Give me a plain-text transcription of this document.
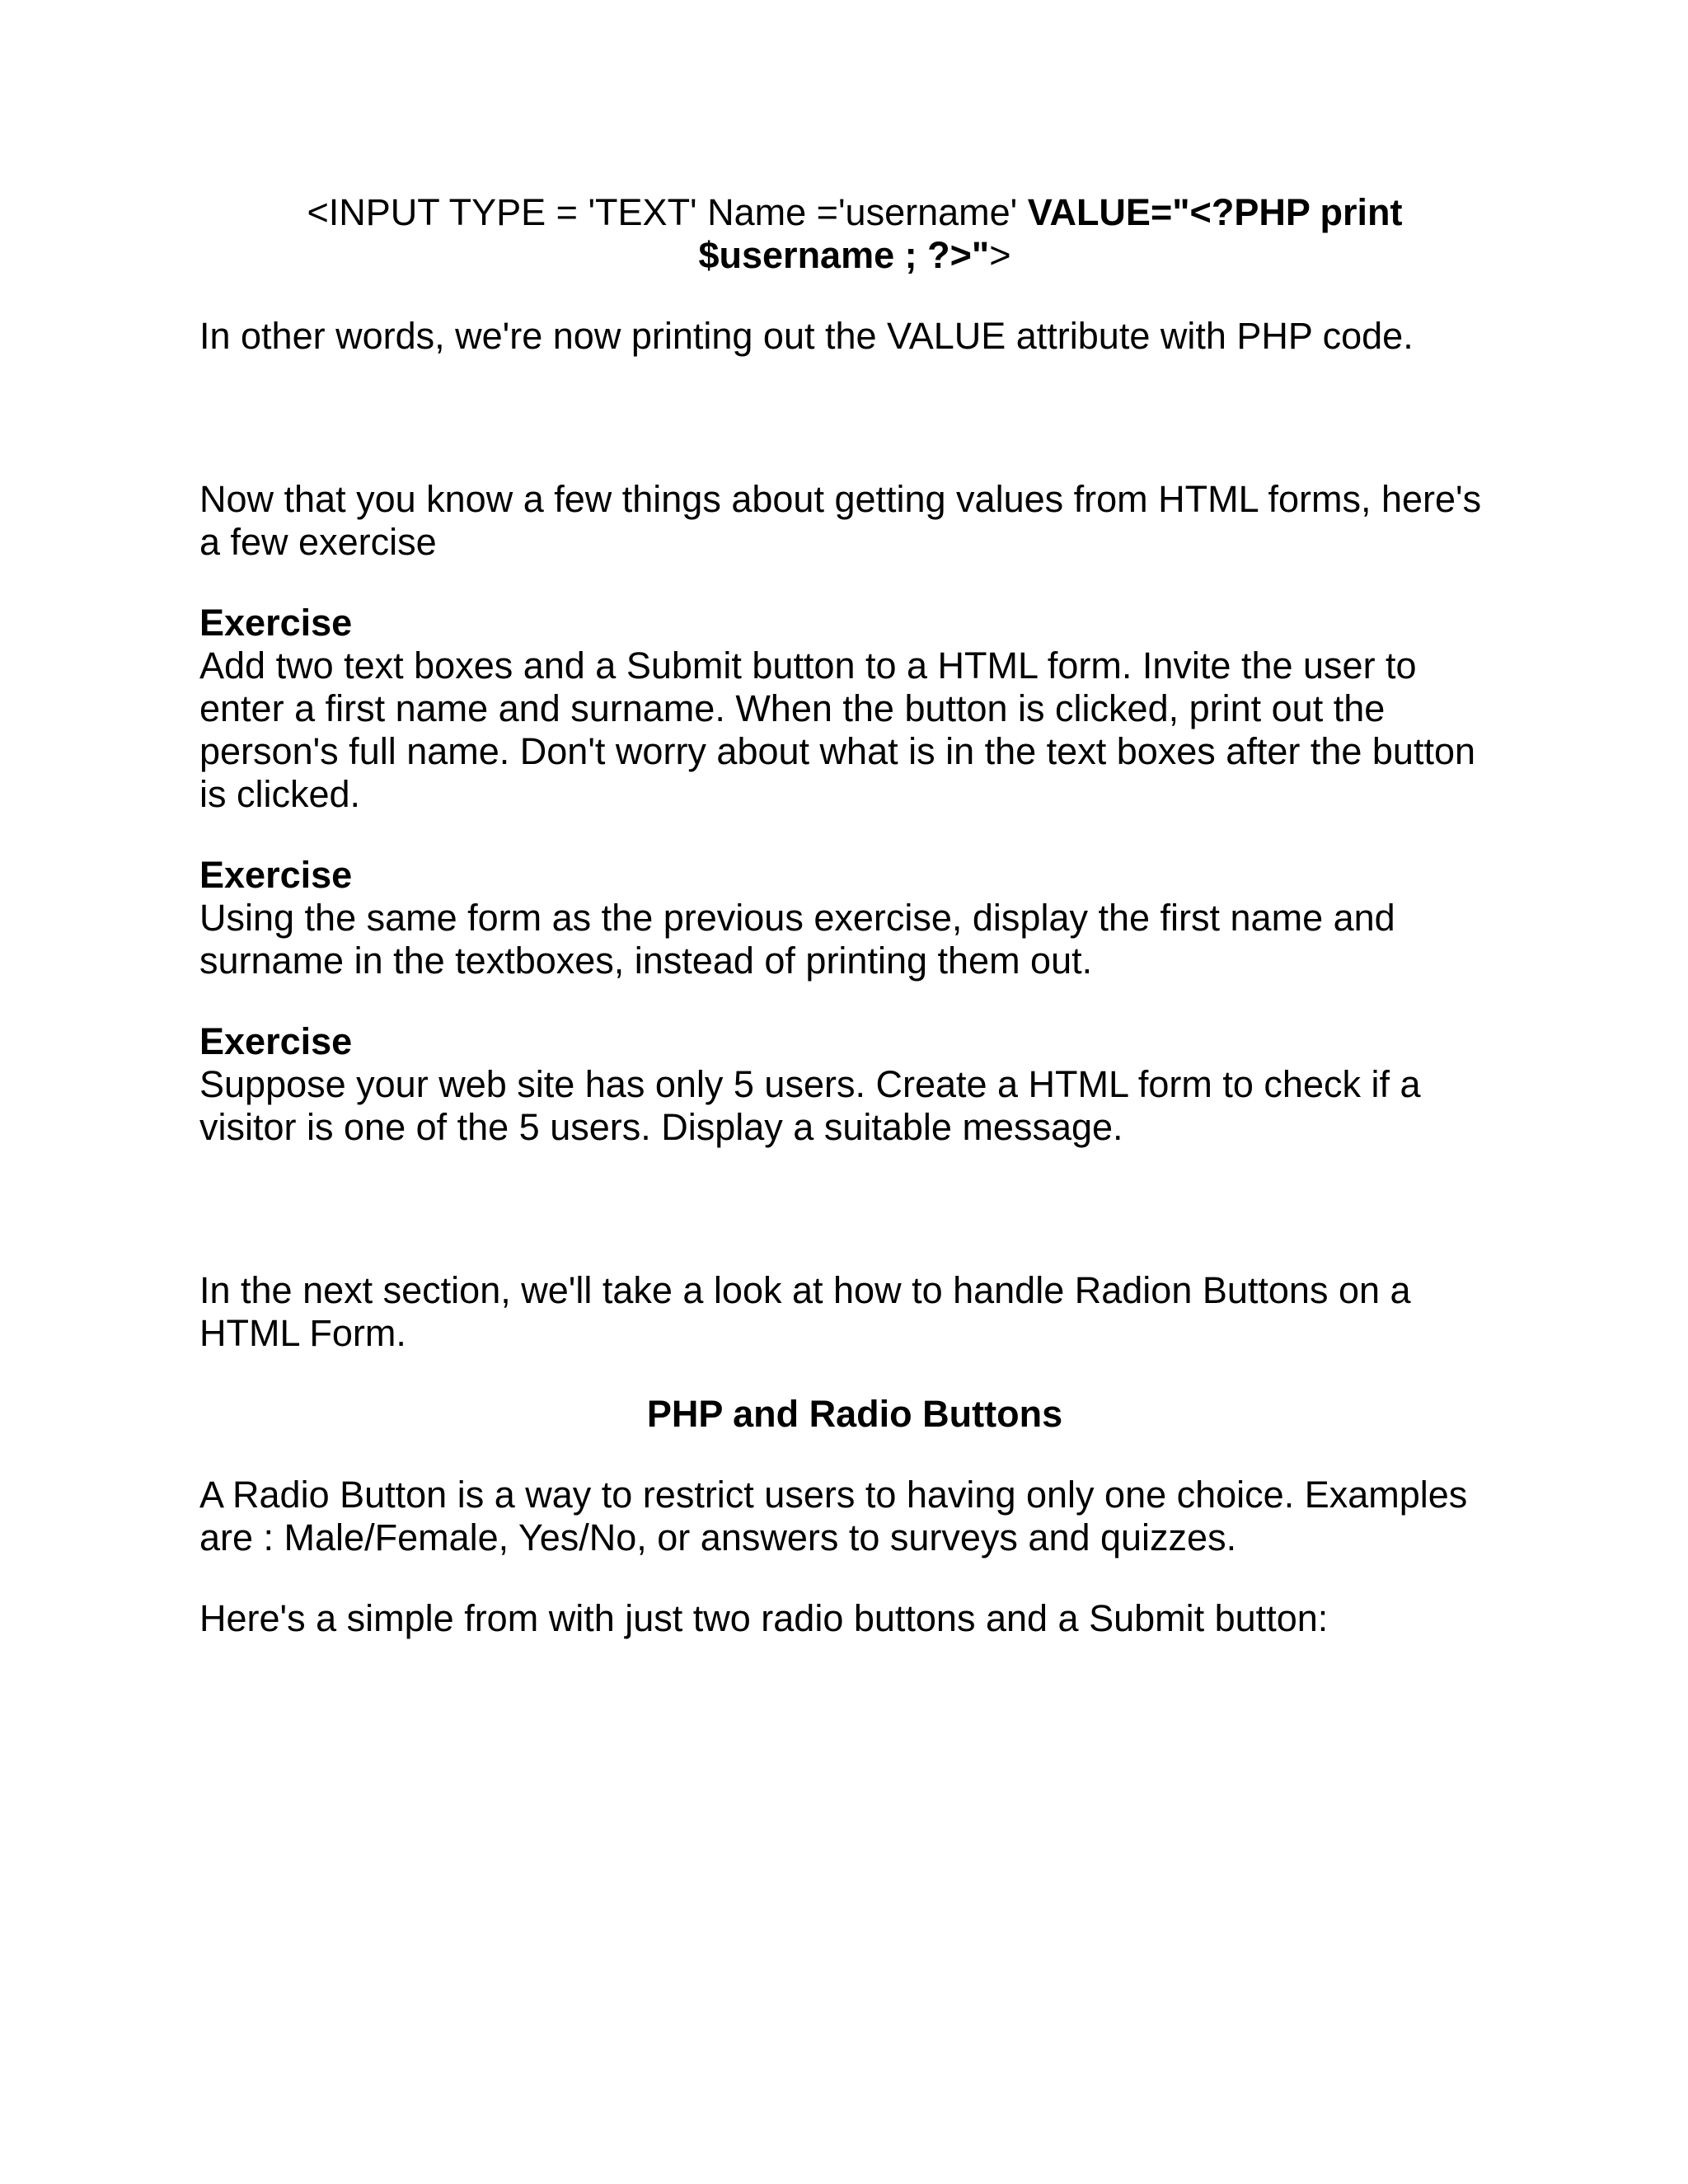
<INPUT TYPE = 'TEXT' Name ='username' VALUE="<?PHP print
$username ; ?>">

In other words, we're now printing out the VALUE attribute with PHP code.

Now that you know a few things about getting values from HTML forms, here's a few exercise

Exercise

Add two text boxes and a Submit button to a HTML form. Invite the user to enter a first name and surname. When the button is clicked, print out the person's full name. Don't worry about what is in the text boxes after the button is clicked.

Exercise

Using the same form as the previous exercise, display the first name and surname in the textboxes, instead of printing them out.

Exercise

Suppose your web site has only 5 users. Create a HTML form to check if a visitor is one of the 5 users. Display a suitable message.

In the next section, we'll take a look at how to handle Radion Buttons on a HTML Form.

PHP and Radio Buttons

A Radio Button is a way to restrict users to having only one choice. Examples are : Male/Female, Yes/No, or answers to surveys and quizzes.

Here's a simple from with just two radio buttons and a Submit button:
